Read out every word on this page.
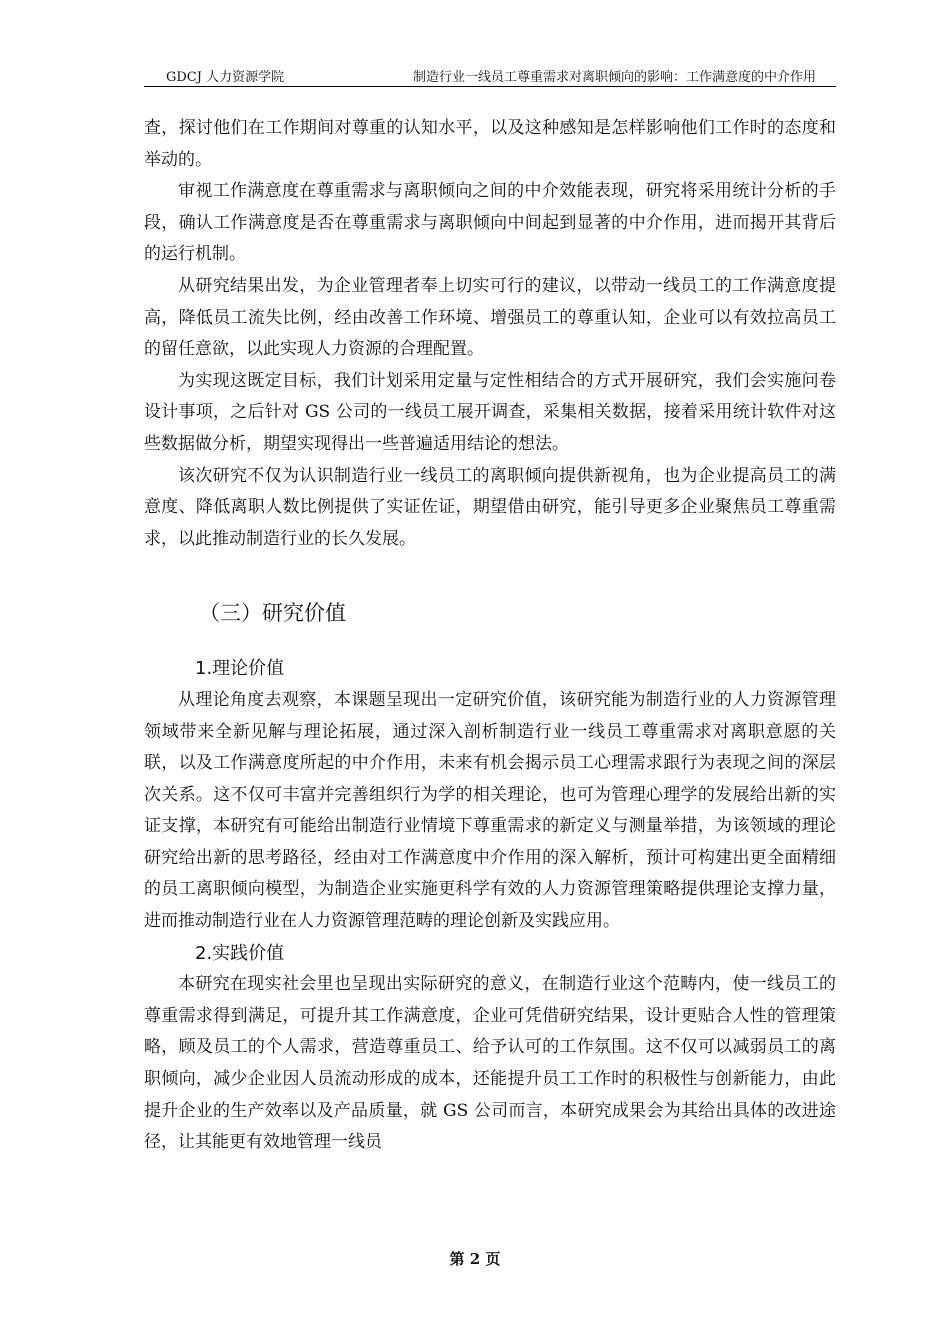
GDCJ 人力资源学院	制造行业一线员工尊重需求对离职倾向的影响：工作满意度的中介作用

查，探讨他们在工作期间对尊重的认知水平，以及这种感知是怎样影响他们工作时的态度和举动的。

审视工作满意度在尊重需求与离职倾向之间的中介效能表现，研究将采用统计分析的手段，确认工作满意度是否在尊重需求与离职倾向中间起到显著的中介作用，进而揭开其背后的运行机制。

从研究结果出发，为企业管理者奉上切实可行的建议，以带动一线员工的工作满意度提高，降低员工流失比例，经由改善工作环境、增强员工的尊重认知，企业可以有效拉高员工的留任意欲，以此实现人力资源的合理配置。

为实现这既定目标，我们计划采用定量与定性相结合的方式开展研究，我们会实施问卷设计事项，之后针对 GS 公司的一线员工展开调查，采集相关数据，接着采用统计软件对这些数据做分析，期望实现得出一些普遍适用结论的想法。

该次研究不仅为认识制造行业一线员工的离职倾向提供新视角，也为企业提高员工的满意度、降低离职人数比例提供了实证佐证，期望借由研究，能引导更多企业聚焦员工尊重需求，以此推动制造行业的长久发展。

（三）研究价值
1.理论价值

从理论角度去观察，本课题呈现出一定研究价值，该研究能为制造行业的人力资源管理领域带来全新见解与理论拓展，通过深入剖析制造行业一线员工尊重需求对离职意愿的关联，以及工作满意度所起的中介作用，未来有机会揭示员工心理需求跟行为表现之间的深层次关系。这不仅可丰富并完善组织行为学的相关理论，也可为管理心理学的发展给出新的实证支撑，本研究有可能给出制造行业情境下尊重需求的新定义与测量举措，为该领域的理论研究给出新的思考路径，经由对工作满意度中介作用的深入解析，预计可构建出更全面精细的员工离职倾向模型，为制造企业实施更科学有效的人力资源管理策略提供理论支撑力量，进而推动制造行业在人力资源管理范畴的理论创新及实践应用。

2.实践价值

本研究在现实社会里也呈现出实际研究的意义，在制造行业这个范畴内，使一线员工的尊重需求得到满足，可提升其工作满意度，企业可凭借研究结果，设计更贴合人性的管理策略，顾及员工的个人需求，营造尊重员工、给予认可的工作氛围。这不仅可以减弱员工的离职倾向，减少企业因人员流动形成的成本，还能提升员工工作时的积极性与创新能力，由此提升企业的生产效率以及产品质量，就 GS 公司而言，本研究成果会为其给出具体的改进途径，让其能更有效地管理一线员

第 2 页
